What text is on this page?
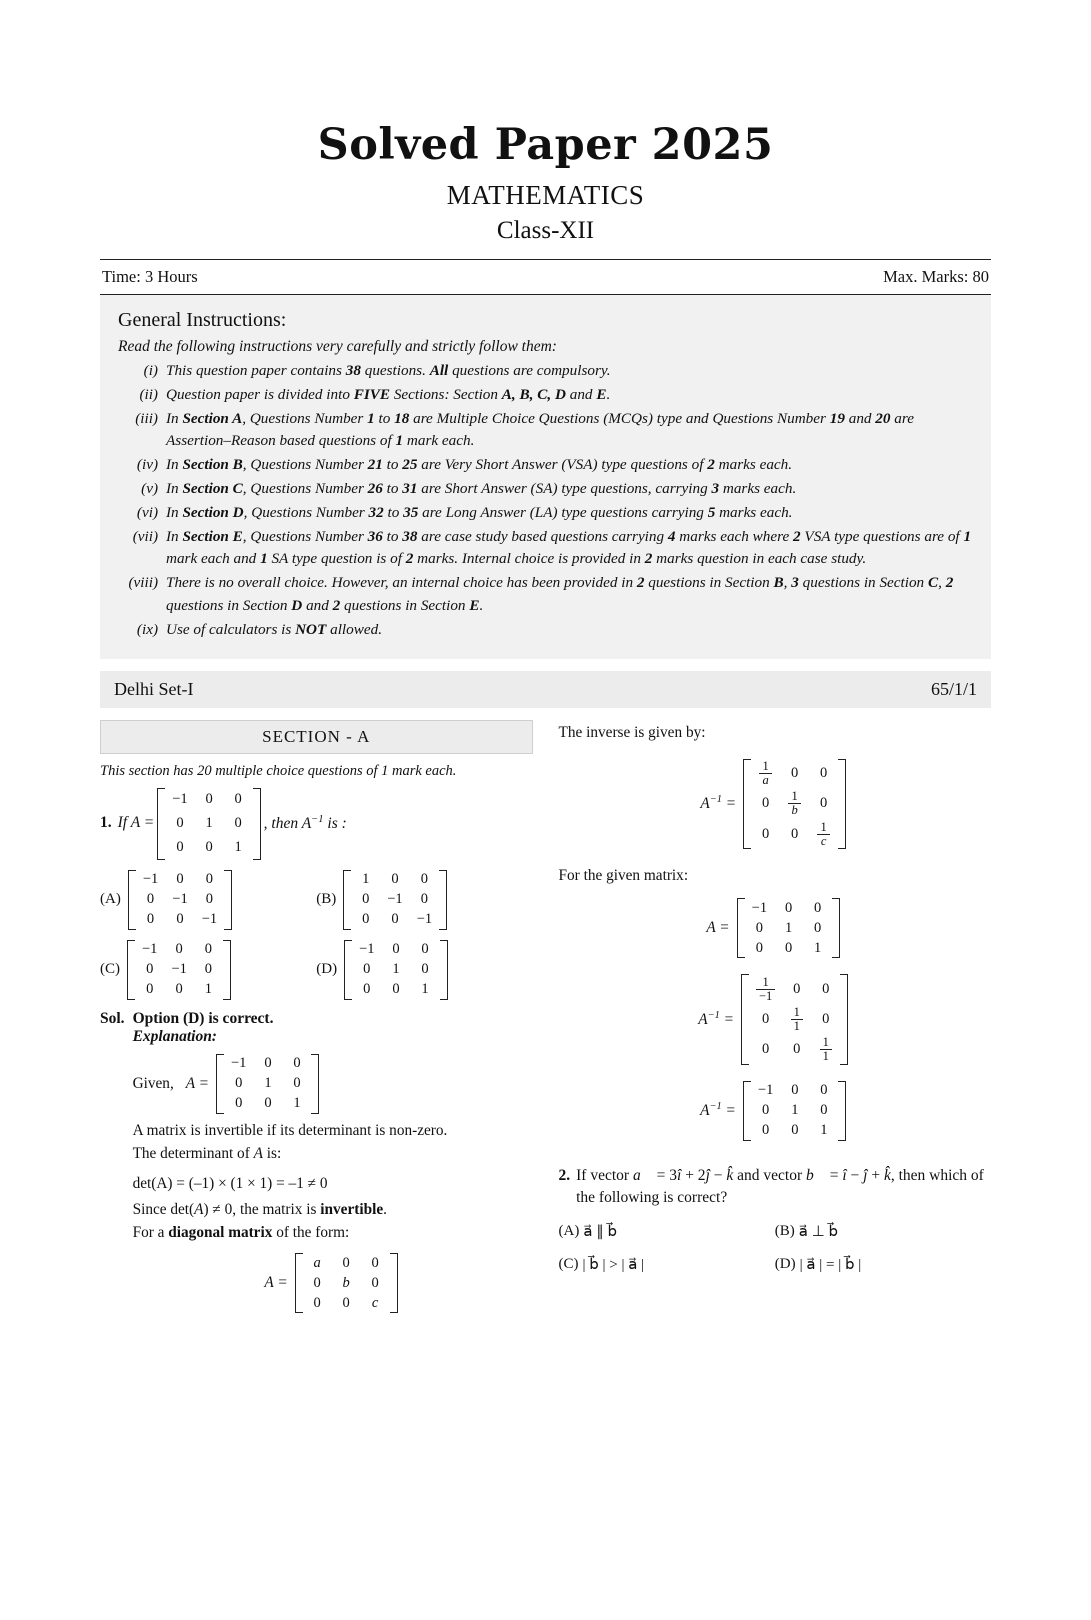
Solved Paper 2025
MATHEMATICS
Class-XII
Time: 3 Hours	Max. Marks: 80
General Instructions:
Read the following instructions very carefully and strictly follow them:
(i) This question paper contains 38 questions. All questions are compulsory.
(ii) Question paper is divided into FIVE Sections: Section A, B, C, D and E.
(iii) In Section A, Questions Number 1 to 18 are Multiple Choice Questions (MCQs) type and Questions Number 19 and 20 are Assertion–Reason based questions of 1 mark each.
(iv) In Section B, Questions Number 21 to 25 are Very Short Answer (VSA) type questions of 2 marks each.
(v) In Section C, Questions Number 26 to 31 are Short Answer (SA) type questions, carrying 3 marks each.
(vi) In Section D, Questions Number 32 to 35 are Long Answer (LA) type questions carrying 5 marks each.
(vii) In Section E, Questions Number 36 to 38 are case study based questions carrying 4 marks each where 2 VSA type questions are of 1 mark each and 1 SA type question is of 2 marks. Internal choice is provided in 2 marks question in each case study.
(viii) There is no overall choice. However, an internal choice has been provided in 2 questions in Section B, 3 questions in Section C, 2 questions in Section D and 2 questions in Section E.
(ix) Use of calculators is NOT allowed.
Delhi Set-I	65/1/1
SECTION - A
This section has 20 multiple choice questions of 1 mark each.
1. If A =
−1	0	0
0	1	0
0	0	1
, then $A^{-1}$ is :
(A)
−1	0	0
0	−1	0
0	0	−1
(B)
1	0	0
0	−1	0
0	0	−1
(C)
−1	0	0
0	−1	0
0	0	1
(D)
−1	0	0
0	1	0
0	0	1
Sol. Option (D) is correct.
Explanation:
Given, A =
−1	0	0
0	1	0
0	0	1
A matrix is invertible if its determinant is non-zero.
The determinant of A is:
det(A) = (–1) × (1 × 1) = –1 ≠ 0
Since det(A) ≠ 0, the matrix is invertible.
For a diagonal matrix of the form:
A =
a	0	0
0	b	0
0	0	c
The inverse is given by:
$A^{-1}$ =
$\frac{1}{a}$	0	0
0	$\frac{1}{b}$	0
0	0	$\frac{1}{c}$
For the given matrix:
A =
−1	0	0
0	1	0
0	0	1
$A^{-1}$ =
$\frac{1}{-1}$	0	0
0	$\frac{1}{1}$	0
0	0	$\frac{1}{1}$
$A^{-1}$ =
−1	0	0
0	1	0
0	0	1
2. If vector a⃗ = 3î + 2ĵ − k̂ and vector b⃗ = î − ĵ + k̂, then which of the following is correct?
(A) a⃗ ∥ b⃗	(B) a⃗ ⊥ b⃗
(C) | b⃗ | > | a⃗ |	(D) | a⃗ | = | b⃗ |
